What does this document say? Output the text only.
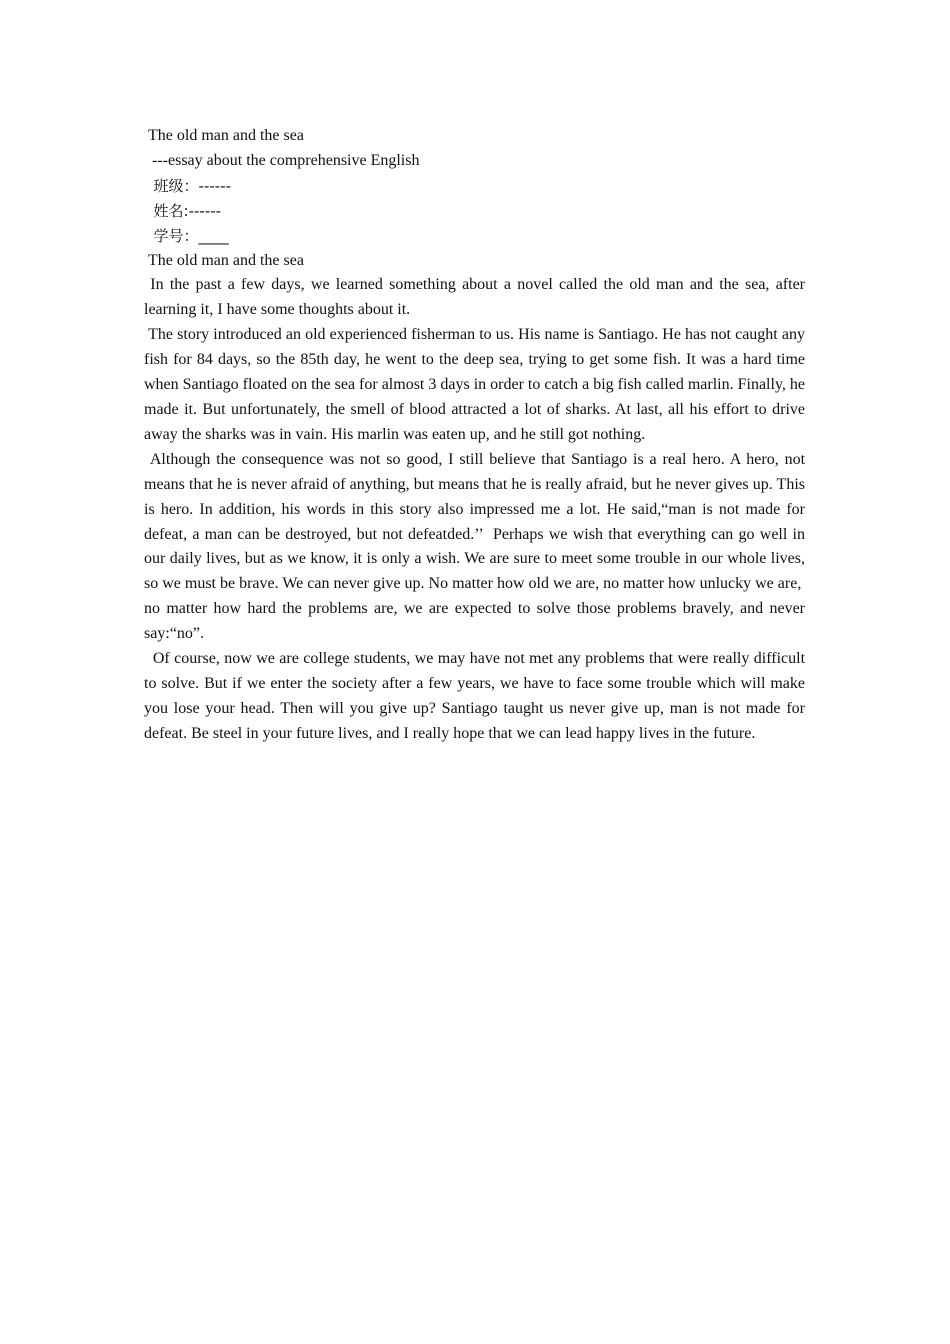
The old man and the sea

---essay about the comprehensive English

班级：------

姓名:------

学号：____

The old man and the sea

In the past a few days, we learned something about a novel called the old man and the sea, after learning it, I have some thoughts about it.

The story introduced an old experienced fisherman to us. His name is Santiago. He has not caught any fish for 84 days, so the 85th day, he went to the deep sea, trying to get some fish. It was a hard time when Santiago floated on the sea for almost 3 days in order to catch a big fish called marlin. Finally, he made it. But unfortunately, the smell of blood attracted a lot of sharks. At last, all his effort to drive away the sharks was in vain. His marlin was eaten up, and he still got nothing.

Although the consequence was not so good, I still believe that Santiago is a real hero. A hero, not means that he is never afraid of anything, but means that he is really afraid, but he never gives up. This is hero. In addition, his words in this story also impressed me a lot. He said,“man is not made for defeat, a man can be destroyed, but not defeatded.’’  Perhaps we wish that everything can go well in our daily lives, but as we know, it is only a wish. We are sure to meet some trouble in our whole lives, so we must be brave. We can never give up. No matter how old we are, no matter how unlucky we are,

no matter how hard the problems are, we are expected to solve those problems bravely, and never say:“no”.

Of course, now we are college students, we may have not met any problems that were really difficult to solve. But if we enter the society after a few years, we have to face some trouble which will make you lose your head. Then will you give up? Santiago taught us never give up, man is not made for defeat. Be steel in your future lives, and I really hope that we can lead happy lives in the future.
